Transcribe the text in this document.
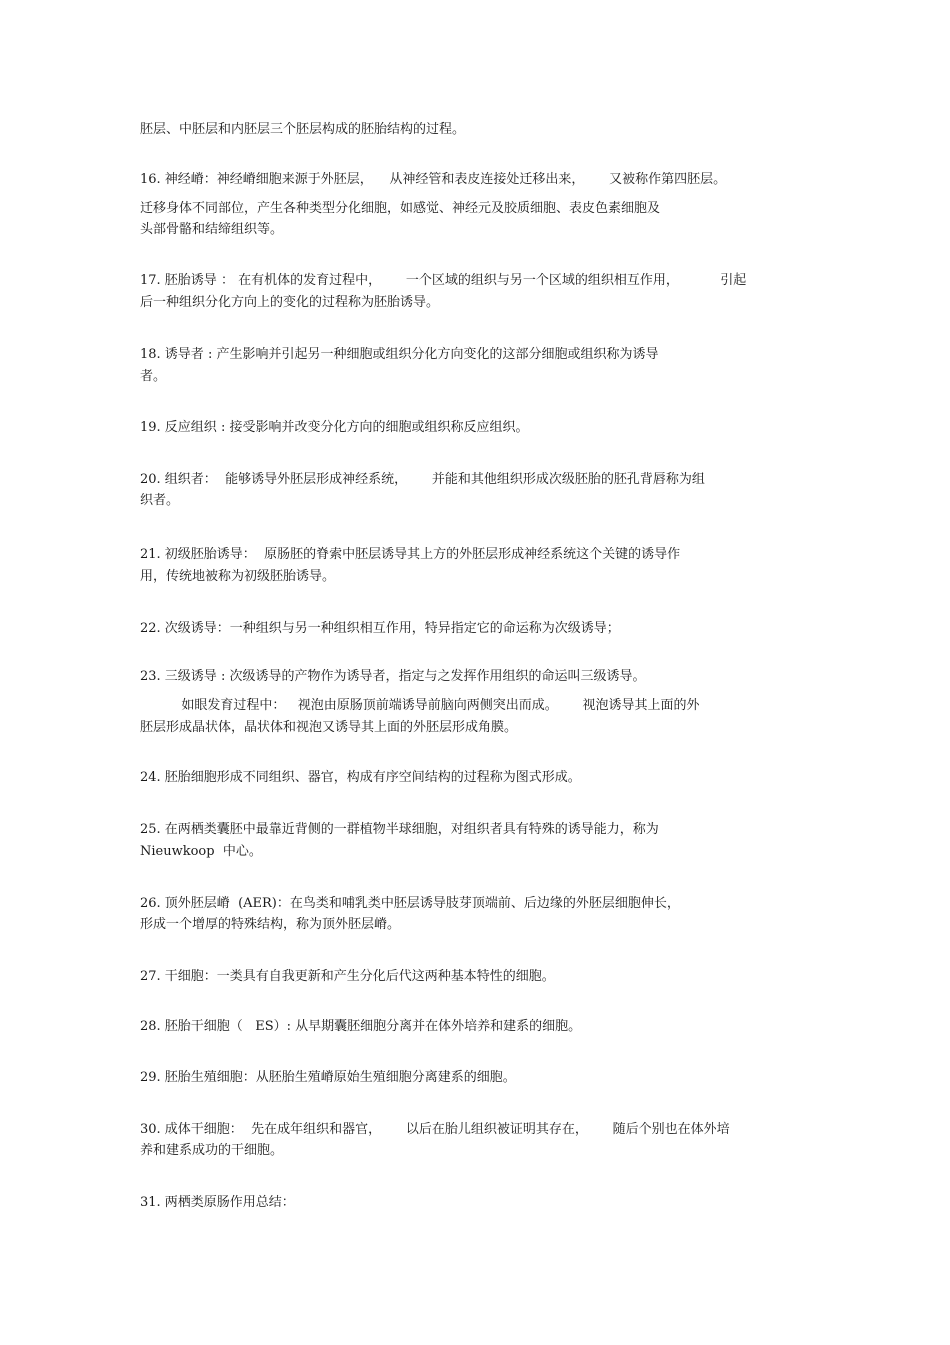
胚层、中胚层和内胚层三个胚层构成的胚胎结构的过程。
16. 神经嵴：神经嵴细胞来源于外胚层，    从神经管和表皮连接处迁移出来，      又被称作第四胚层。
迁移身体不同部位，产生各种类型分化细胞，如感觉、神经元及胶质细胞、表皮色素细胞及
头部骨骼和结缔组织等。
17. 胚胎诱导 ： 在有机体的发育过程中，      一个区域的组织与另一个区域的组织相互作用，          引起
后一种组织分化方向上的变化的过程称为胚胎诱导。
18. 诱导者 : 产生影响并引起另一种细胞或组织分化方向变化的这部分细胞或组织称为诱导
者。
19. 反应组织 : 接受影响并改变分化方向的细胞或组织称反应组织。
20. 组织者：  能够诱导外胚层形成神经系统，      并能和其他组织形成次级胚胎的胚孔背唇称为组
织者。
21. 初级胚胎诱导：  原肠胚的脊索中胚层诱导其上方的外胚层形成神经系统这个关键的诱导作
用，传统地被称为初级胚胎诱导。
22. 次级诱导：一种组织与另一种组织相互作用，特异指定它的命运称为次级诱导；
23. 三级诱导 : 次级诱导的产物作为诱导者，指定与之发挥作用组织的命运叫三级诱导。
如眼发育过程中：   视泡由原肠顶前端诱导前脑向两侧突出而成。      视泡诱导其上面的外
胚层形成晶状体，晶状体和视泡又诱导其上面的外胚层形成角膜。
24. 胚胎细胞形成不同组织、器官，构成有序空间结构的过程称为图式形成。
25. 在两栖类囊胚中最靠近背侧的一群植物半球细胞，对组织者具有特殊的诱导能力，称为
Nieuwkoop  中心。
26. 顶外胚层嵴  (AER)：在鸟类和哺乳类中胚层诱导肢芽顶端前、后边缘的外胚层细胞伸长，
形成一个增厚的特殊结构，称为顶外胚层嵴。
27. 干细胞：一类具有自我更新和产生分化后代这两种基本特性的细胞。
28. 胚胎干细胞（   ES）: 从早期囊胚细胞分离并在体外培养和建系的细胞。
29. 胚胎生殖细胞：从胚胎生殖嵴原始生殖细胞分离建系的细胞。
30. 成体干细胞：  先在成年组织和器官，      以后在胎儿组织被证明其存在，      随后个别也在体外培
养和建系成功的干细胞。
31. 两栖类原肠作用总结：
